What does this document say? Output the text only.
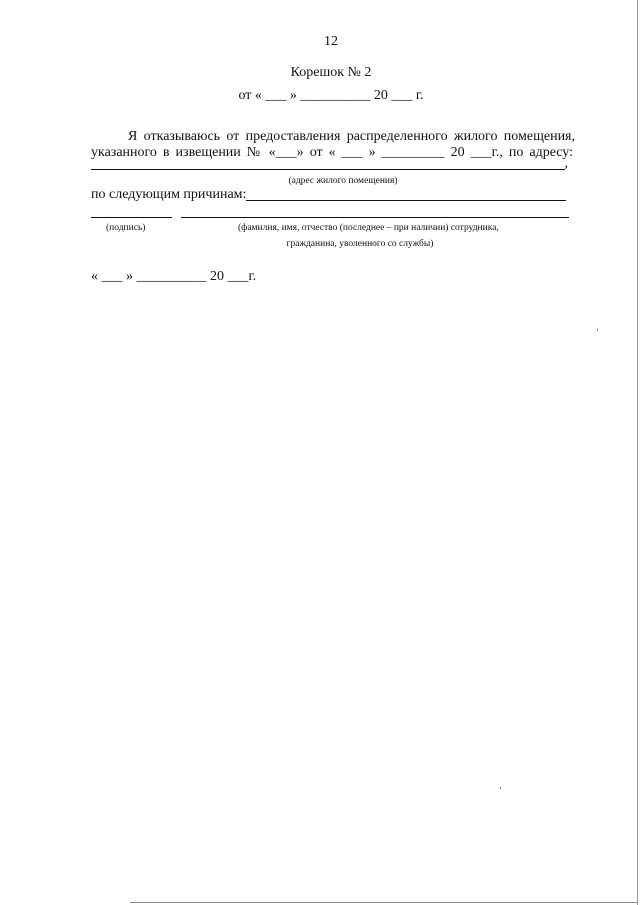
12
Корешок № 2
от « ___ » __________ 20 ___ г.
Я отказываюсь от предоставления распределенного жилого помещения,
указанного в извещении № «___» от « ___ » _________ 20 ___г., по адресу:
,
(адрес жилого помещения)
по следующим причинам:
(подпись)	(фамилия, имя, отчество (последнее – при наличии) сотрудника,
гражданина, уволенного со службы)
« ___ » __________ 20 ___г.
